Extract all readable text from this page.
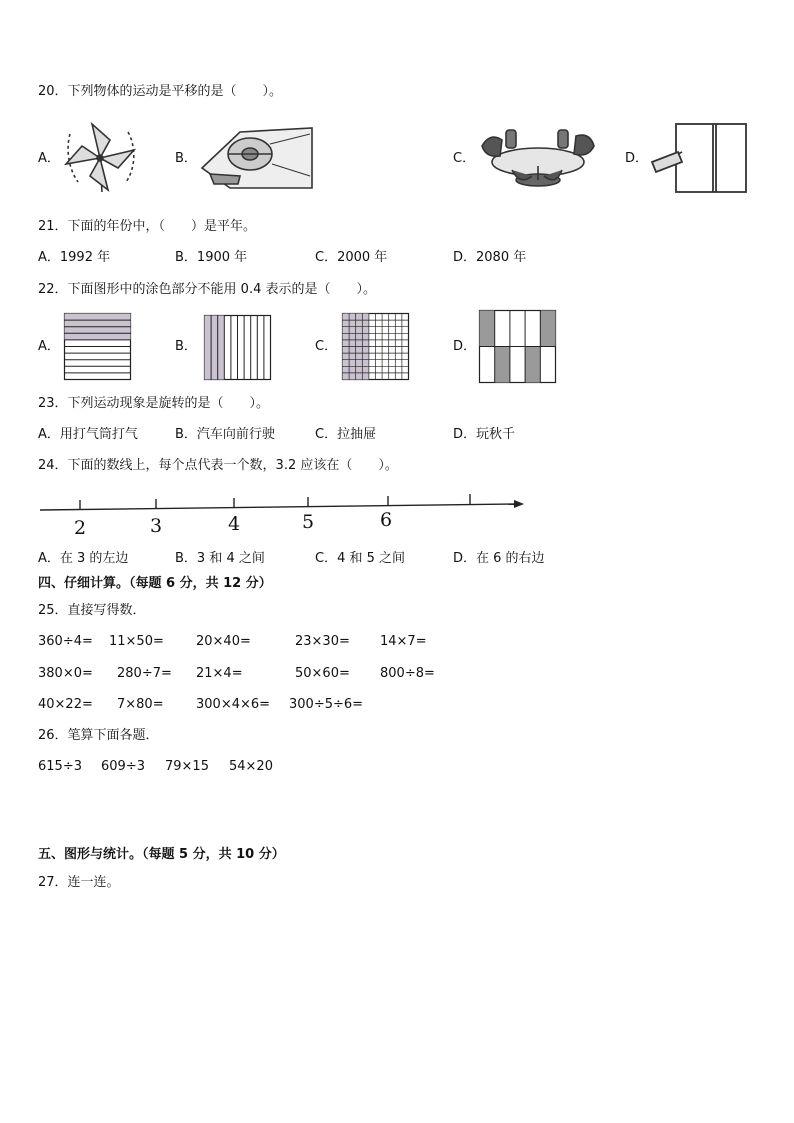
20．下列物体的运动是平移的是（　　）。
A．	B．	C．	D．
21．下面的年份中，（　　）是平年。
A．1992 年	B．1900 年	C．2000 年	D．2080 年
22．下面图形中的涂色部分不能用 0.4 表示的是（　　）。
A．	B．	C．	D．
23．下列运动现象是旋转的是（　　）。
A．用打气筒打气	B．汽车向前行驶	C．拉抽屉	D．玩秋千
24．下面的数线上，每个点代表一个数，3.2 应该在（　　）。
2	3	4	5	6
A．在 3 的左边	B．3 和 4 之间	C．4 和 5 之间	D．在 6 的右边
四、仔细计算。（每题 6 分，共 12 分）
25．直接写得数．
360÷4= 11×50= 20×40=	23×30= 14×7=
380×0= 280÷7= 21×4=	50×60= 800÷8=
40×22= 7×80= 300×4×6= 300÷5÷6=
26．笔算下面各题．
615÷3 609÷3 79×15 54×20
五、图形与统计。（每题 5 分，共 10 分）
27．连一连。
